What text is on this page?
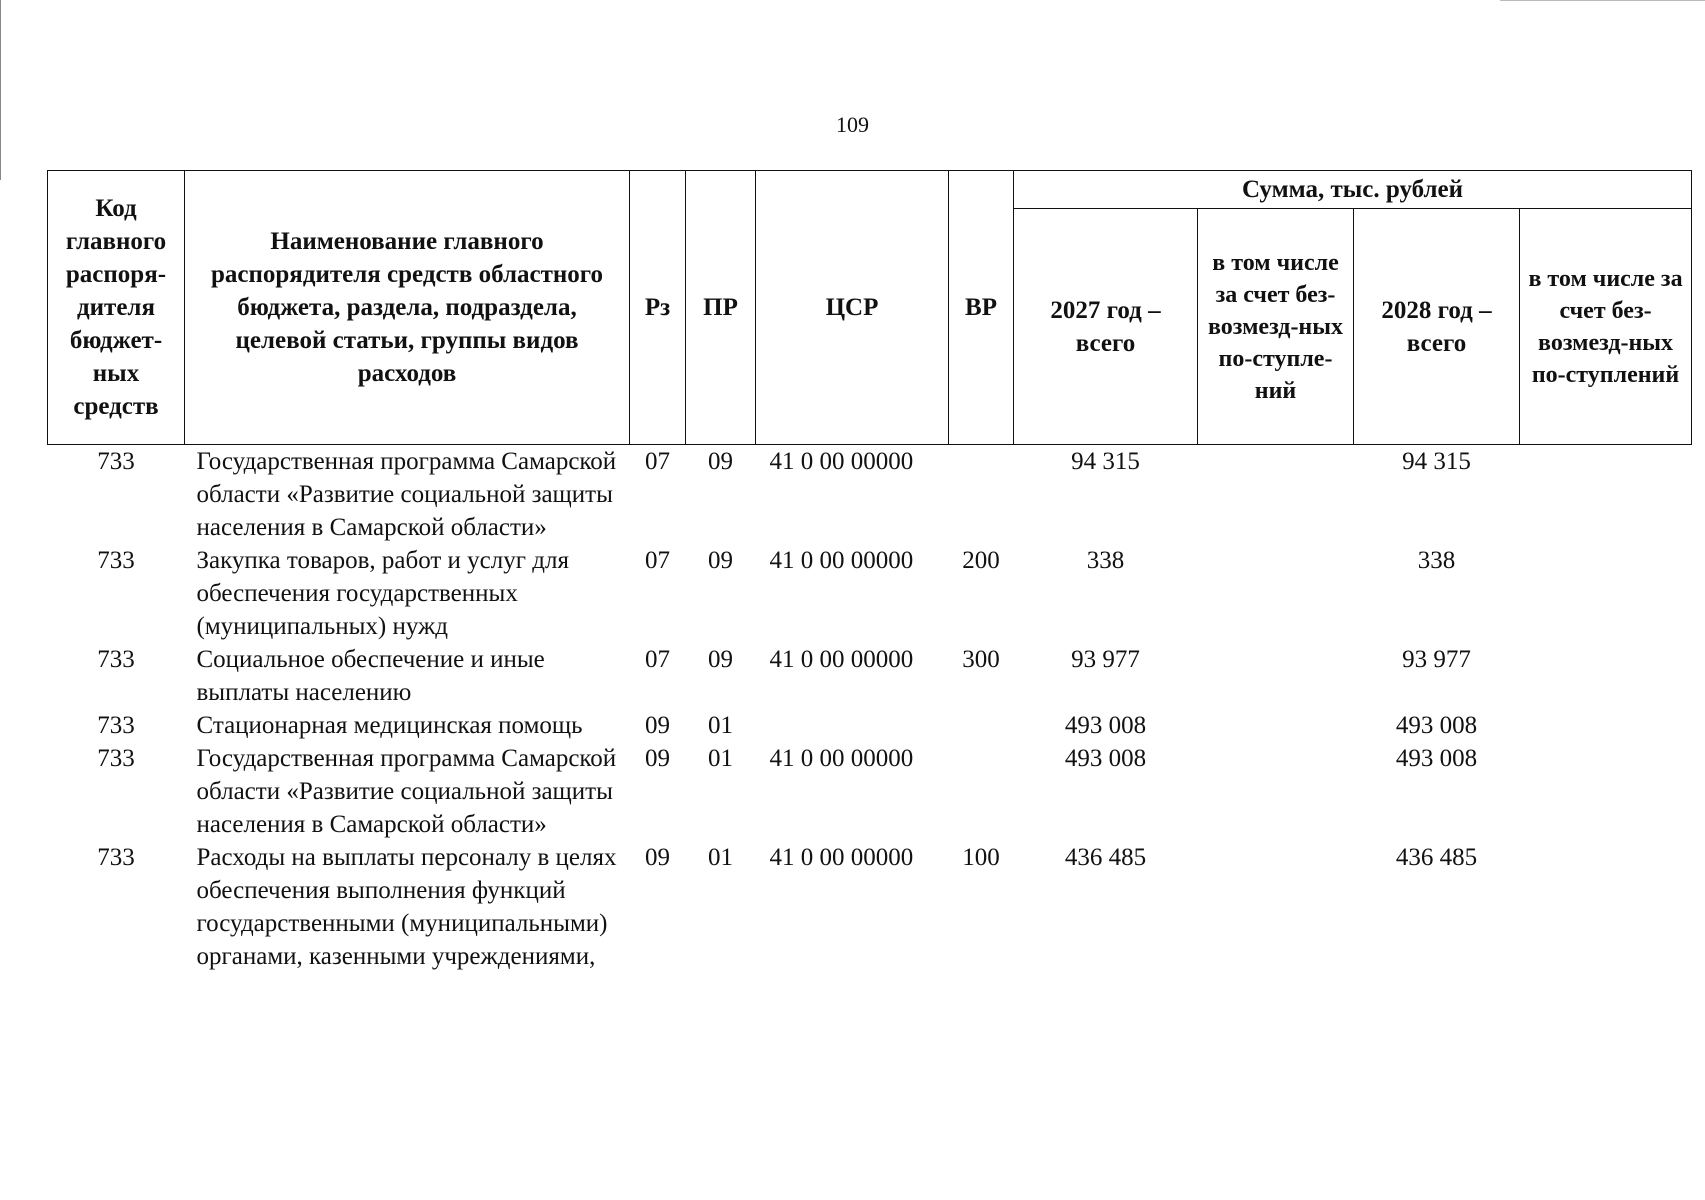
109
Код главного распоря-дителя бюджет-ных средств	Наименование главного распорядителя средств областного бюджета, раздела, подраздела, целевой статьи, группы видов расходов	Рз	ПР	ЦСР	ВР	Сумма, тыс. рублей			
						2027 год – всего	в том числе за счет без-возмезд-ных по-ступле-ний	2028 год – всего	в том числе за счет без-возмезд-ных по-ступлений
733	Государственная программа Самарской области «Развитие социальной защиты населения в Самарской области»	07	09	41 0 00 00000		94 315		94 315	
733	Закупка товаров, работ и услуг для обеспечения государственных (муниципальных) нужд	07	09	41 0 00 00000	200	338		338	
733	Социальное обеспечение и иные выплаты населению	07	09	41 0 00 00000	300	93 977		93 977	
733	Стационарная медицинская помощь	09	01			493 008		493 008	
733	Государственная программа Самарской области «Развитие социальной защиты населения в Самарской области»	09	01	41 0 00 00000		493 008		493 008	
733	Расходы на выплаты персоналу в целях обеспечения выполнения функций государственными (муниципальными) органами, казенными учреждениями,	09	01	41 0 00 00000	100	436 485		436 485	
